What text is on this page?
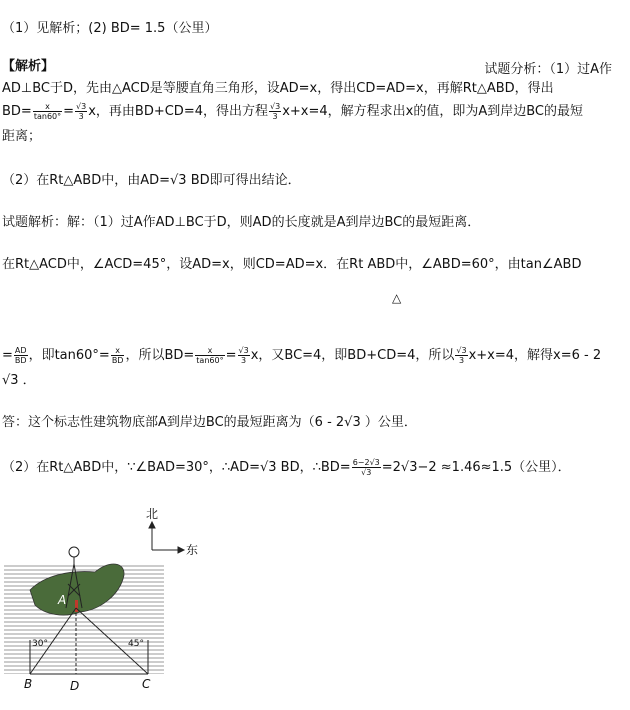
（1）见解析；(2) BD= 1.5（公里）
【解析】	试题分析：（1）过A作
AD⊥BC于D，先由△ACD是等腰直角三角形，设AD=x，得出CD=AD=x，再解Rt△ABD，得出
$BD= \frac{x}{\tan 60^\circ} = \frac{√3}{3}$ x，再由BD+CD=4，得出方程 $\frac{√3}{3} x+x=4$，解方程求出x的值，即为A到岸边BC的最短
距离；
（2）在Rt△ABD中，由AD=√3 BD即可得出结论．
试题解析：解：（1）过A作AD⊥BC于D，则AD的长度就是A到岸边BC的最短距离．
在Rt△ACD中，∠ACD=45°，设AD=x，则CD=AD=x．在Rt ABD中，∠ABD=60°，由tan∠ABD
△
= $\frac{AD}{BD}$ ，即$\tan 60^\circ= \frac{x}{BD}$ ，所以$BD= \frac{x}{\tan 60^\circ} = \frac{√3}{3}$ x，又BC=4，即BD+CD=4，所以 $\frac{√3}{3} x+x=4$，解得x=6 - 2
√3 ．
答：这个标志性建筑物底部A到岸边BC的最短距离为（6 - 2√3 ）公里．
（2）在Rt△ABD中，∵∠BAD=30°，∴AD=√3 BD，∴BD= $\frac{6-2√3}{√3} =2√3-2 \approx 1.46\approx 1.5$（公里）．
30°	45°
A
B	D	C
北
东
